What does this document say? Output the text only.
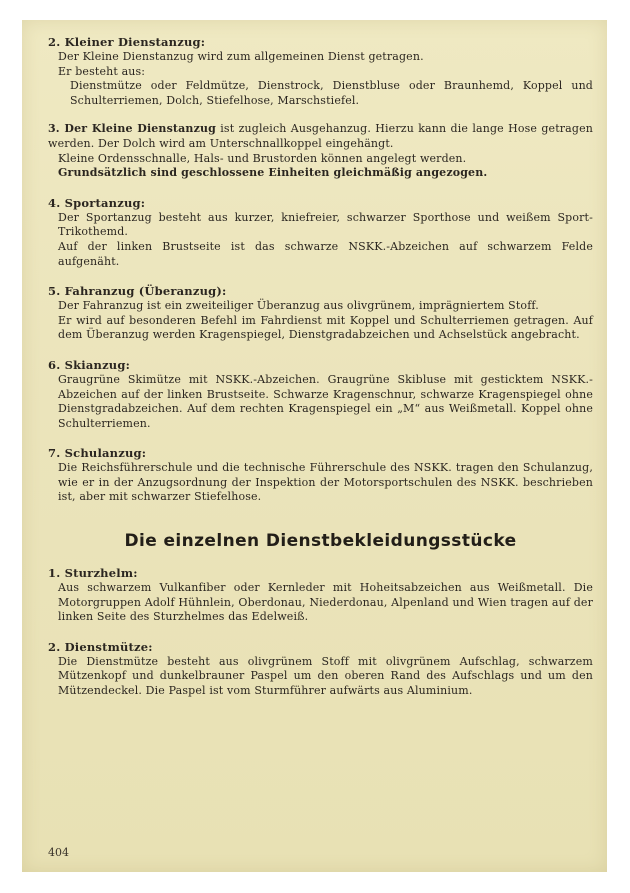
2. Kleiner Dienstanzug:
Der Kleine Dienstanzug wird zum allgemeinen Dienst getragen.
Er besteht aus:
Dienstmütze oder Feldmütze, Dienstrock, Dienstbluse oder Braunhemd, Koppel und Schulterriemen, Dolch, Stiefelhose, Marschstiefel.
3. Der Kleine Dienstanzug ist zugleich Ausgehanzug. Hierzu kann die lange Hose getragen werden. Der Dolch wird am Unterschnallkoppel eingehängt.
Kleine Ordensschnalle, Hals- und Brustorden können angelegt werden.
Grundsätzlich sind geschlossene Einheiten gleichmäßig angezogen.
4. Sportanzug:
Der Sportanzug besteht aus kurzer, kniefreier, schwarzer Sporthose und weißem Sport-Trikothemd.
Auf der linken Brustseite ist das schwarze NSKK.-Abzeichen auf schwarzem Felde aufgenäht.
5. Fahranzug (Überanzug):
Der Fahranzug ist ein zweiteiliger Überanzug aus olivgrünem, imprägniertem Stoff.
Er wird auf besonderen Befehl im Fahrdienst mit Koppel und Schulterriemen getragen. Auf dem Überanzug werden Kragenspiegel, Dienstgradabzeichen und Achselstück angebracht.
6. Skianzug:
Graugrüne Skimütze mit NSKK.-Abzeichen. Graugrüne Skibluse mit gesticktem NSKK.-Abzeichen auf der linken Brustseite. Schwarze Kragenschnur, schwarze Kragenspiegel ohne Dienstgradabzeichen. Auf dem rechten Kragenspiegel ein „M“ aus Weißmetall. Koppel ohne Schulterriemen.
7. Schulanzug:
Die Reichsführerschule und die technische Führerschule des NSKK. tragen den Schulanzug, wie er in der Anzugsordnung der Inspektion der Motorsportschulen des NSKK. beschrieben ist, aber mit schwarzer Stiefelhose.
Die einzelnen Dienstbekleidungsstücke
1. Sturzhelm:
Aus schwarzem Vulkanfiber oder Kernleder mit Hoheitsabzeichen aus Weißmetall. Die Motorgruppen Adolf Hühnlein, Oberdonau, Niederdonau, Alpenland und Wien tragen auf der linken Seite des Sturzhelmes das Edelweiß.
2. Dienstmütze:
Die Dienstmütze besteht aus olivgrünem Stoff mit olivgrünem Aufschlag, schwarzem Mützenkopf und dunkelbrauner Paspel um den oberen Rand des Aufschlags und um den Mützendeckel. Die Paspel ist vom Sturmführer aufwärts aus Aluminium.
404
